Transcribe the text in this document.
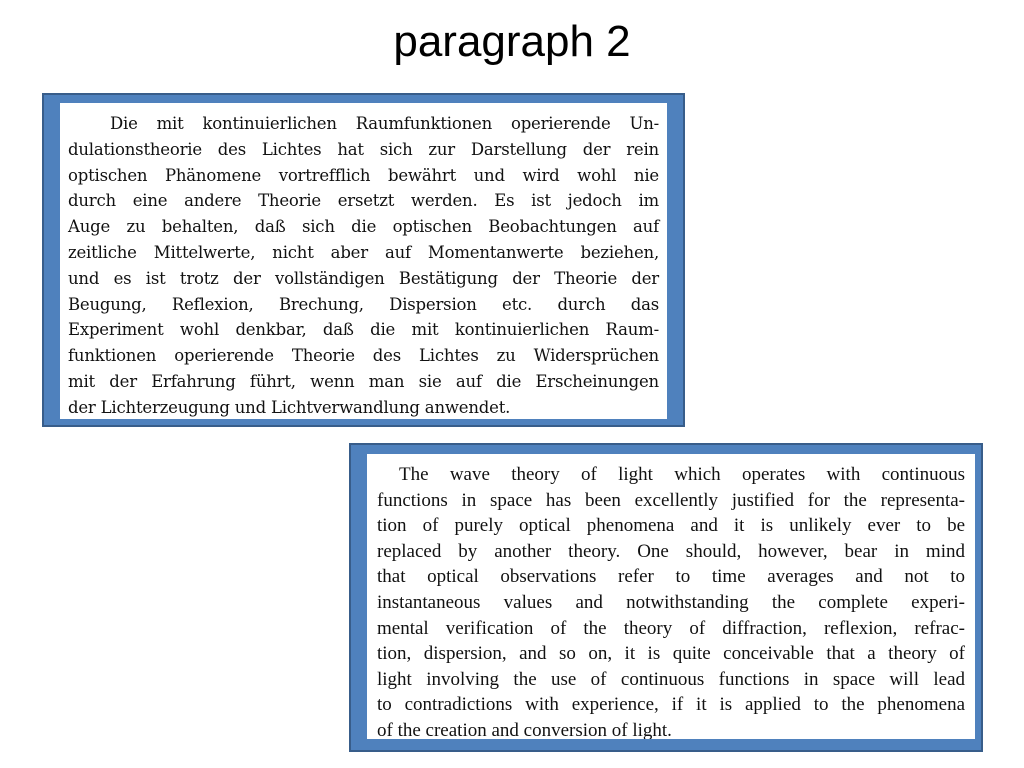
paragraph 2
Die mit kontinuierlichen Raumfunktionen operierende Un-
dulationstheorie des Lichtes hat sich zur Darstellung der rein
optischen Phänomene vortrefflich bewährt und wird wohl nie
durch eine andere Theorie ersetzt werden. Es ist jedoch im
Auge zu behalten, daß sich die optischen Beobachtungen auf
zeitliche Mittelwerte, nicht aber auf Momentanwerte beziehen,
und es ist trotz der vollständigen Bestätigung der Theorie der
Beugung, Reflexion, Brechung, Dispersion etc. durch das
Experiment wohl denkbar, daß die mit kontinuierlichen Raum-
funktionen operierende Theorie des Lichtes zu Widersprüchen
mit der Erfahrung führt, wenn man sie auf die Erscheinungen
der Lichterzeugung und Lichtverwandlung anwendet.
The wave theory of light which operates with continuous
functions in space has been excellently justified for the representa-
tion of purely optical phenomena and it is unlikely ever to be
replaced by another theory. One should, however, bear in mind
that optical observations refer to time averages and not to
instantaneous values and notwithstanding the complete experi-
mental verification of the theory of diffraction, reflexion, refrac-
tion, dispersion, and so on, it is quite conceivable that a theory of
light involving the use of continuous functions in space will lead
to contradictions with experience, if it is applied to the phenomena
of the creation and conversion of light.
